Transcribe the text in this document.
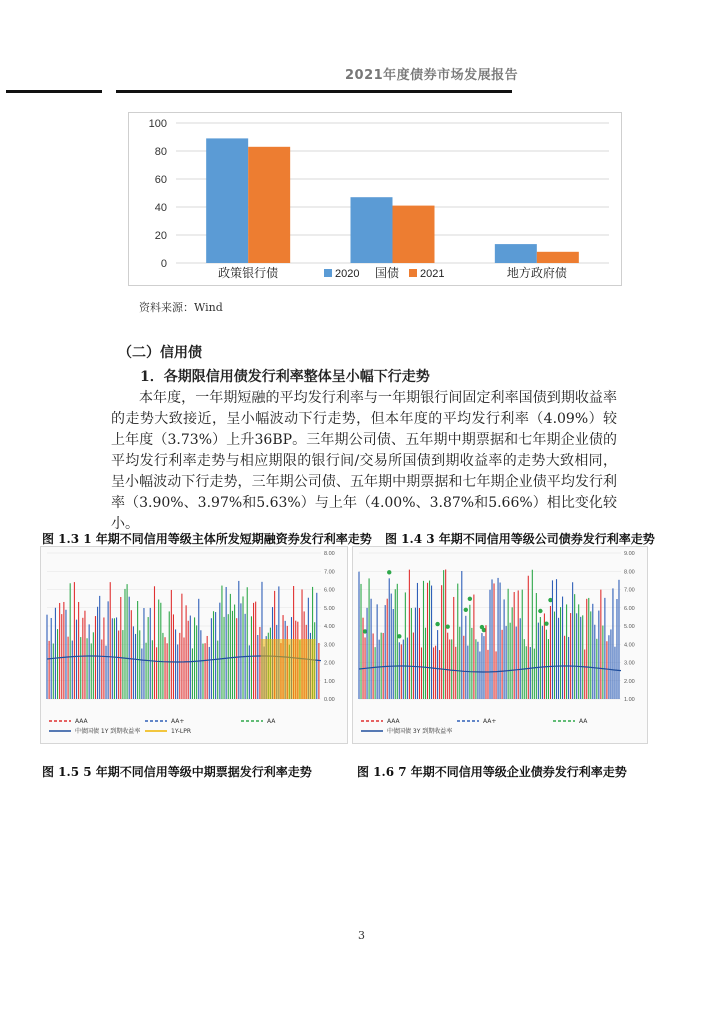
2021年度债券市场发展报告
0
20
40
60
80
100
政策银行债	地方政府债
2020 国债 2021
资料来源：Wind
（二）信用债
1．各期限信用债发行利率整体呈小幅下行走势
本年度，一年期短融的平均发行利率与一年期银行间固定利率国债到期收益率的走势大致接近，呈小幅波动下行走势，但本年度的平均发行利率（4.09%）较上年度（3.73%）上升36BP。三年期公司债、五年期中期票据和七年期企业债的平均发行利率走势与相应期限的银行间/交易所国债到期收益率的走势大致相同，呈小幅波动下行走势，三年期公司债、五年期中期票据和七年期企业债平均发行利率（3.90%、3.97%和5.63%）与上年（4.00%、3.87%和5.66%）相比变化较小。
图 1.3 1 年期不同信用等级主体所发短期融资券发行利率走势 图 1.4 3 年期不同信用等级公司债券发行利率走势
0.00
1.00
2.00
3.00
4.00
5.00
6.00
7.00
8.00
AAA	AA+	AA
中债国债 1Y 到期收益率	1Y-LPR
1.00
2.00
3.00
4.00
5.00
6.00
7.00
8.00
9.00
AAA	AA+	AA
中债国债 3Y 到期收益率
图 1.5 5 年期不同信用等级中期票据发行利率走势	图 1.6 7 年期不同信用等级企业债券发行利率走势
3
